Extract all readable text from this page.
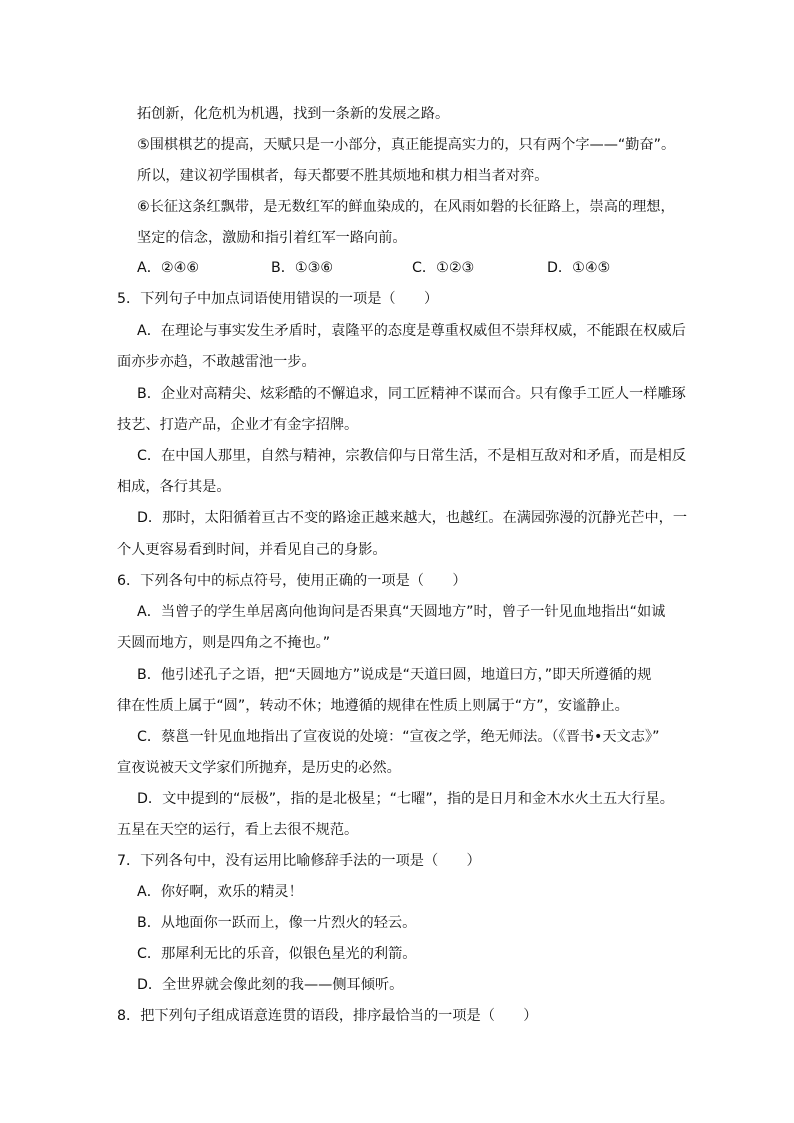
拓创新，化危机为机遇，找到一条新的发展之路。
⑤围棋棋艺的提高，天赋只是一小部分，真正能提高实力的，只有两个字——“勤奋”。
所以，建议初学围棋者，每天都要不胜其烦地和棋力相当者对弈。
⑥长征这条红飘带，是无数红军的鲜血染成的，在风雨如磐的长征路上，崇高的理想，
坚定的信念，激励和指引着红军一路向前。
A．②④⑥	B．①③⑥	C．①②③	D．①④⑤
5．下列句子中加点词语使用错误的一项是（　　）
A．在理论与事实发生矛盾时，袁隆平的态度是尊重权威但不崇拜权威，不能跟在权威后
面亦步亦趋，不敢越雷池一步。
B．企业对高精尖、炫彩酷的不懈追求，同工匠精神不谋而合。只有像手工匠人一样雕琢
技艺、打造产品，企业才有金字招牌。
C．在中国人那里，自然与精神，宗教信仰与日常生活，不是相互敌对和矛盾，而是相反
相成，各行其是。
D．那时，太阳循着亘古不变的路途正越来越大，也越红。在满园弥漫的沉静光芒中，一
个人更容易看到时间，并看见自己的身影。
6．下列各句中的标点符号，使用正确的一项是（　　）
A．当曾子的学生单居离向他询问是否果真“天圆地方”时，曾子一针见血地指出“如诚
天圆而地方，则是四角之不掩也。”
B．他引述孔子之语，把“天圆地方”说成是“天道曰圆，地道曰方，”即天所遵循的规
律在性质上属于“圆”，转动不休；地遵循的规律在性质上则属于“方”，安谧静止。
C．蔡邕一针见血地指出了宣夜说的处境：“宣夜之学，绝无师法。（《晋书•天文志》”
宣夜说被天文学家们所抛弃，是历史的必然。
D．文中提到的“辰极”，指的是北极星；“七曜”，指的是日月和金木水火土五大行星。
五星在天空的运行，看上去很不规范。
7．下列各句中，没有运用比喻修辞手法的一项是（　　）
A．你好啊，欢乐的精灵！
B．从地面你一跃而上，像一片烈火的轻云。
C．那犀利无比的乐音，似银色星光的利箭。
D．全世界就会像此刻的我——侧耳倾听。
8．把下列句子组成语意连贯的语段，排序最恰当的一项是（　　）
